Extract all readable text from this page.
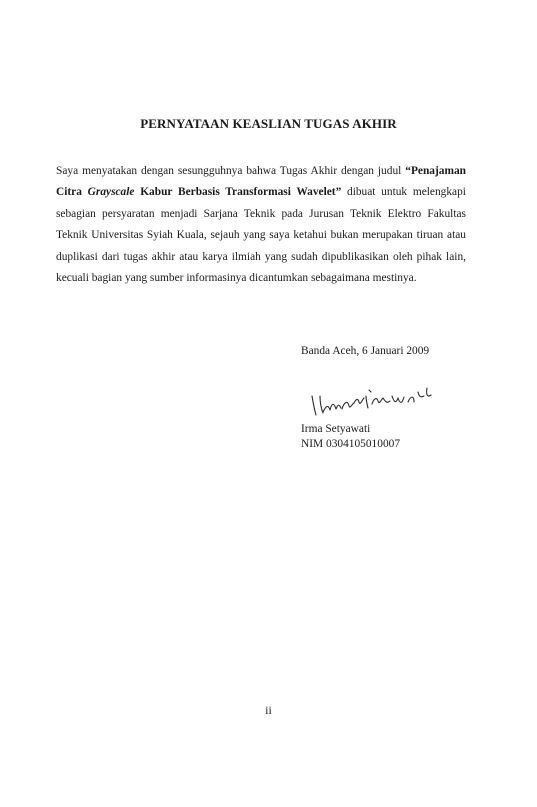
PERNYATAAN KEASLIAN TUGAS AKHIR
Saya menyatakan dengan sesungguhnya bahwa Tugas Akhir dengan judul “Penajaman Citra Grayscale Kabur Berbasis Transformasi Wavelet” dibuat untuk melengkapi sebagian persyaratan menjadi Sarjana Teknik pada Jurusan Teknik Elektro Fakultas Teknik Universitas Syiah Kuala, sejauh yang saya ketahui bukan merupakan tiruan atau duplikasi dari tugas akhir atau karya ilmiah yang sudah dipublikasikan oleh pihak lain, kecuali bagian yang sumber informasinya dicantumkan sebagaimana mestinya.
Banda Aceh, 6 Januari 2009
Irma Setyawati
NIM 0304105010007
ii
